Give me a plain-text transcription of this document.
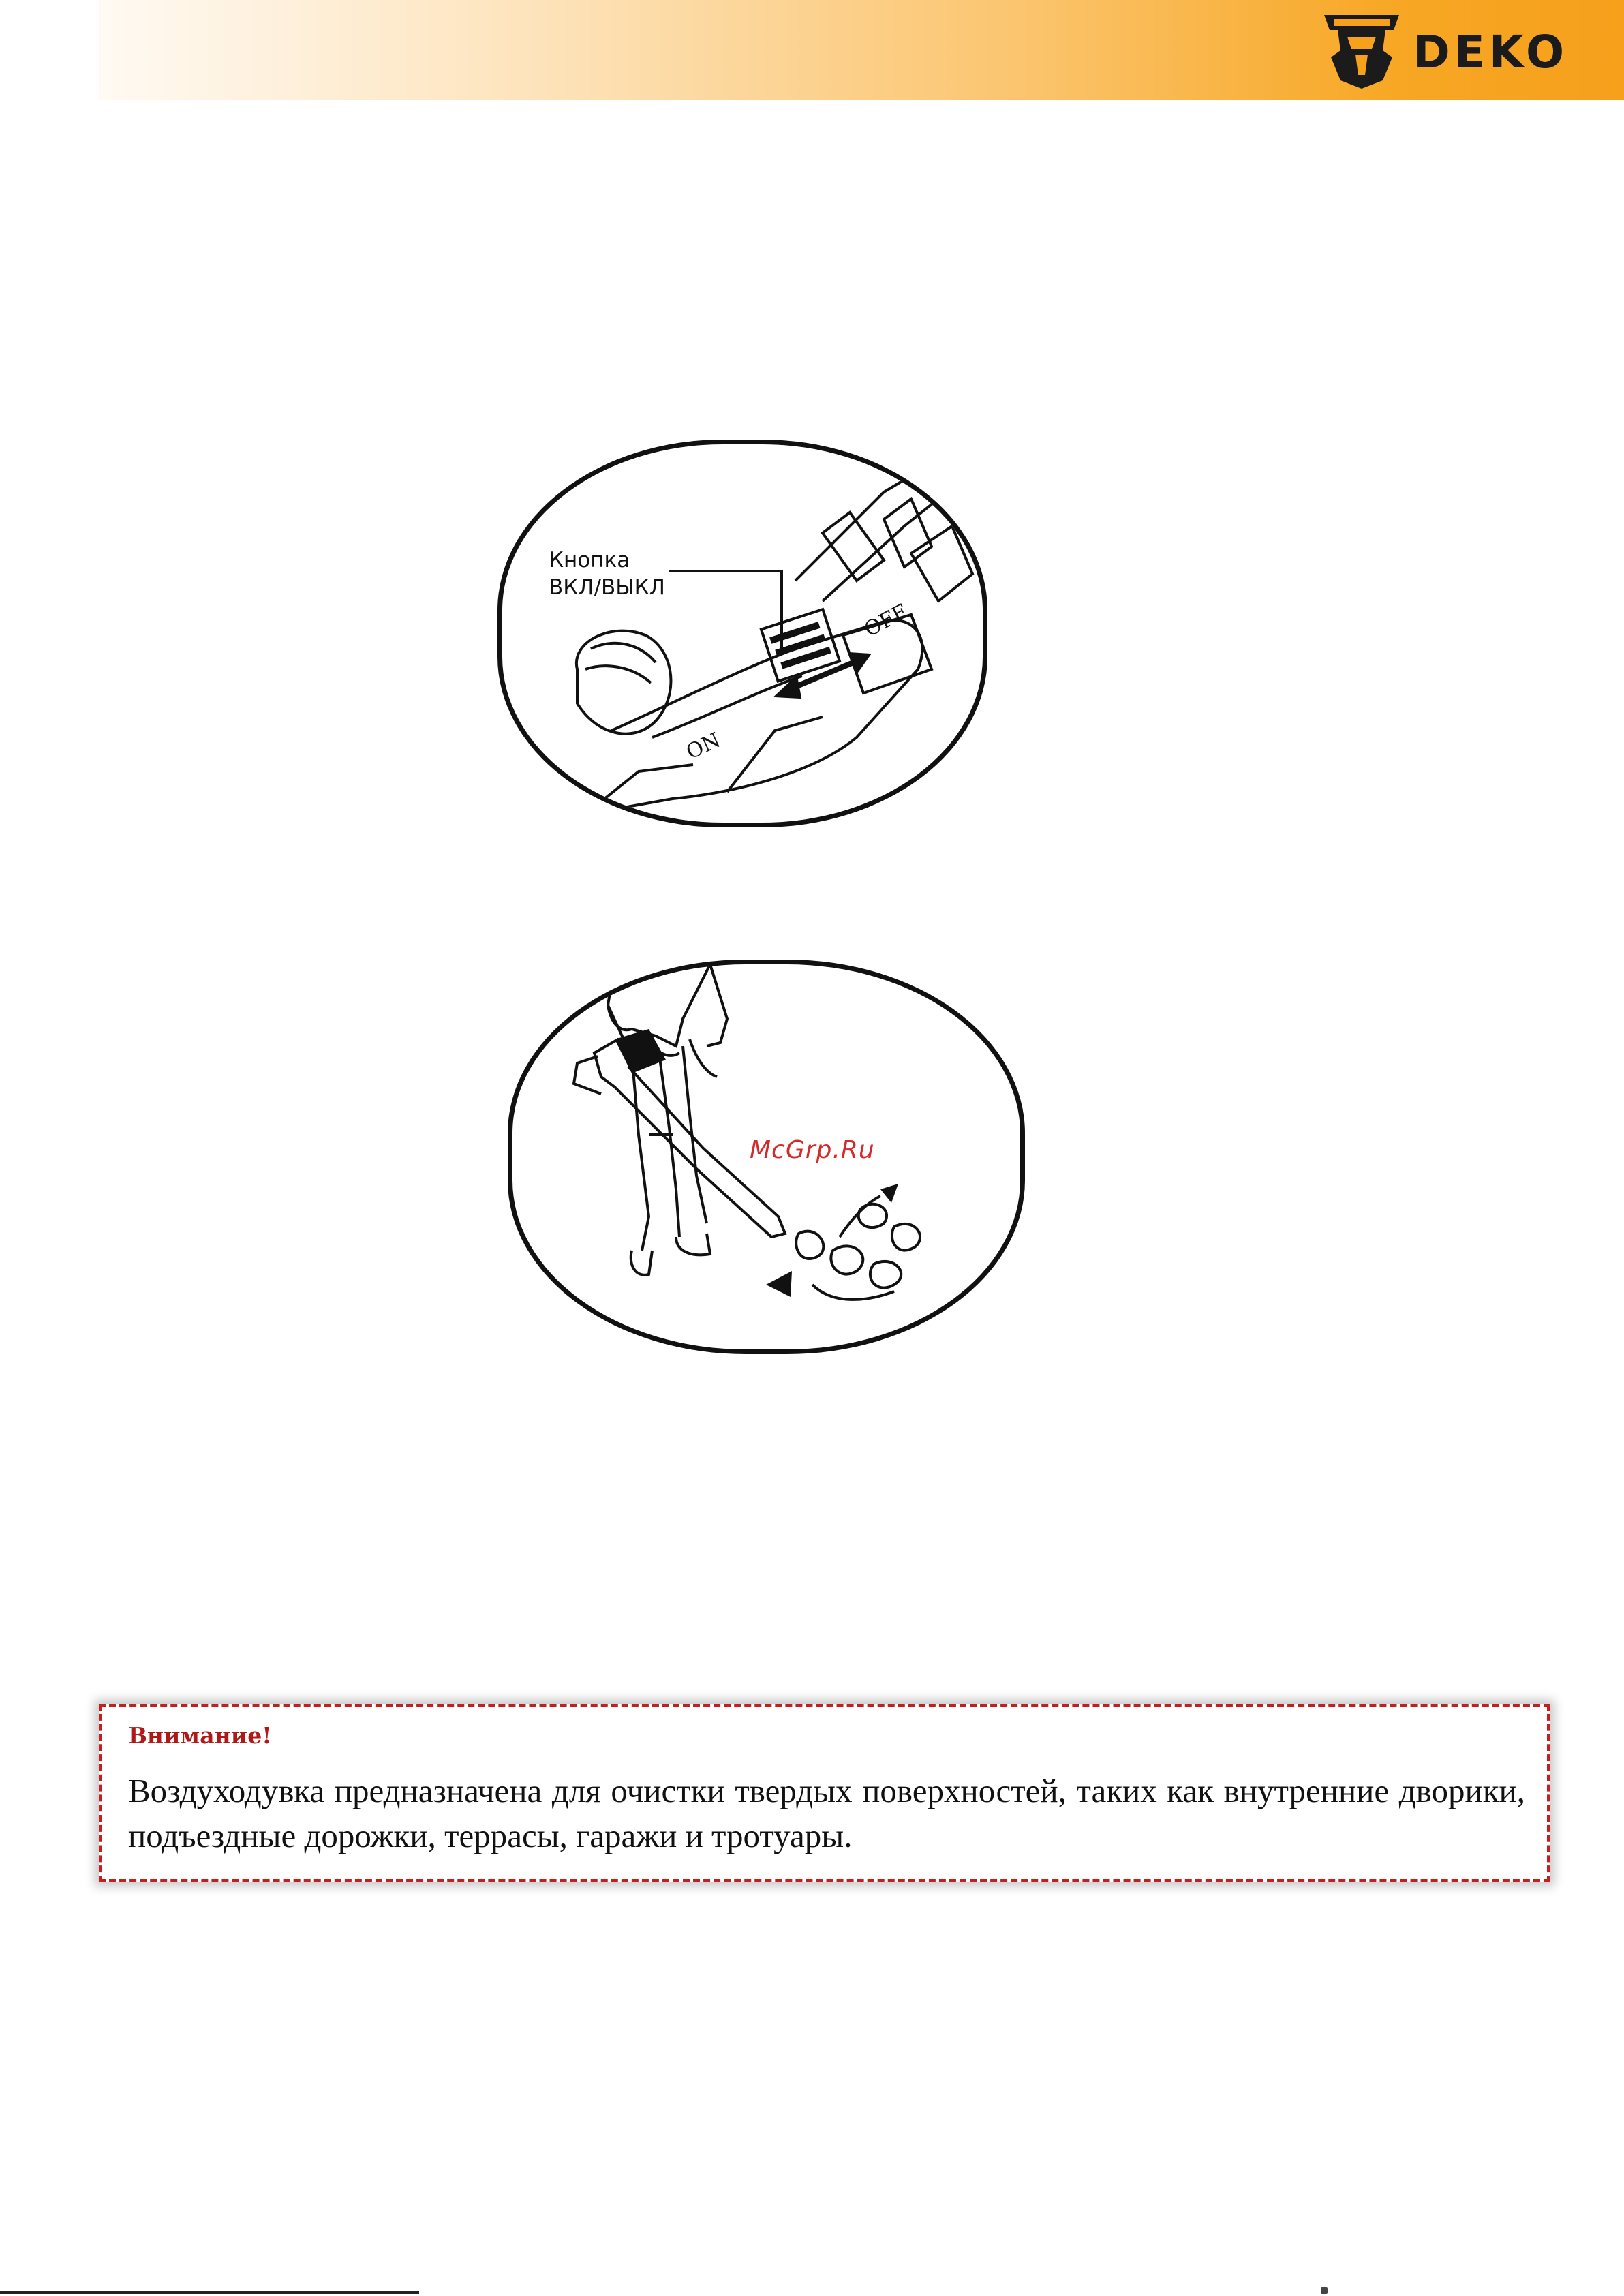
DEKO
Кнопка
ВКЛ/ВЫКЛ
ON
OFF
McGrp.Ru
Внимание!
Воздуходувка предназначена для очистки твердых поверхностей, таких как внутренние дворики, подъездные дорожки, террасы, гаражи и тротуары.
